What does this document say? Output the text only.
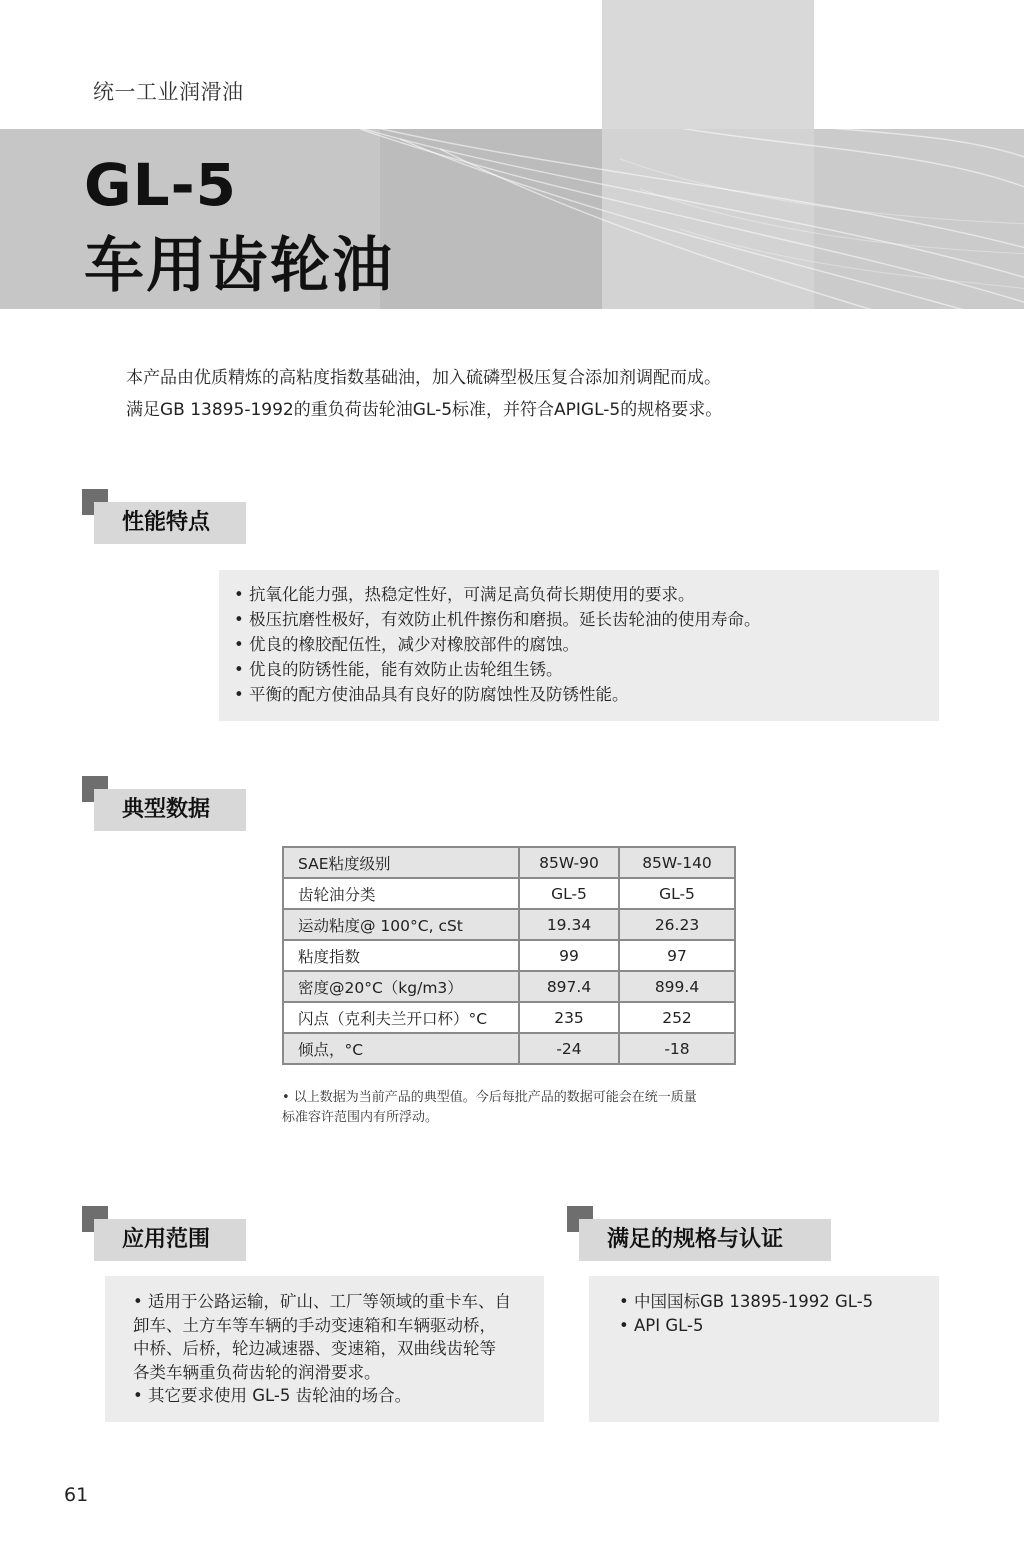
统一工业润滑油
GL-5
车用齿轮油
本产品由优质精炼的高粘度指数基础油，加入硫磷型极压复合添加剂调配而成。
满足GB 13895-1992的重负荷齿轮油GL-5标准，并符合APIGL-5的规格要求。
性能特点
• 抗氧化能力强，热稳定性好，可满足高负荷长期使用的要求。
• 极压抗磨性极好，有效防止机件擦伤和磨损。延长齿轮油的使用寿命。
• 优良的橡胶配伍性，减少对橡胶部件的腐蚀。
• 优良的防锈性能，能有效防止齿轮组生锈。
• 平衡的配方使油品具有良好的防腐蚀性及防锈性能。
典型数据
SAE粘度级别	85W-90	85W-140
齿轮油分类	GL-5	GL-5
运动粘度@ 100°C, cSt	19.34	26.23
粘度指数	99	97
密度@20°C（kg/m3）	897.4	899.4
闪点（克利夫兰开口杯）°C	235	252
倾点，°C	-24	-18
• 以上数据为当前产品的典型值。今后每批产品的数据可能会在统一质量
标准容许范围内有所浮动。
应用范围
• 适用于公路运输，矿山、工厂等领域的重卡车、自
卸车、土方车等车辆的手动变速箱和车辆驱动桥，
中桥、后桥，轮边减速器、变速箱，双曲线齿轮等
各类车辆重负荷齿轮的润滑要求。
• 其它要求使用 GL-5 齿轮油的场合。
满足的规格与认证
• 中国国标GB 13895-1992 GL-5
• API GL-5
61
